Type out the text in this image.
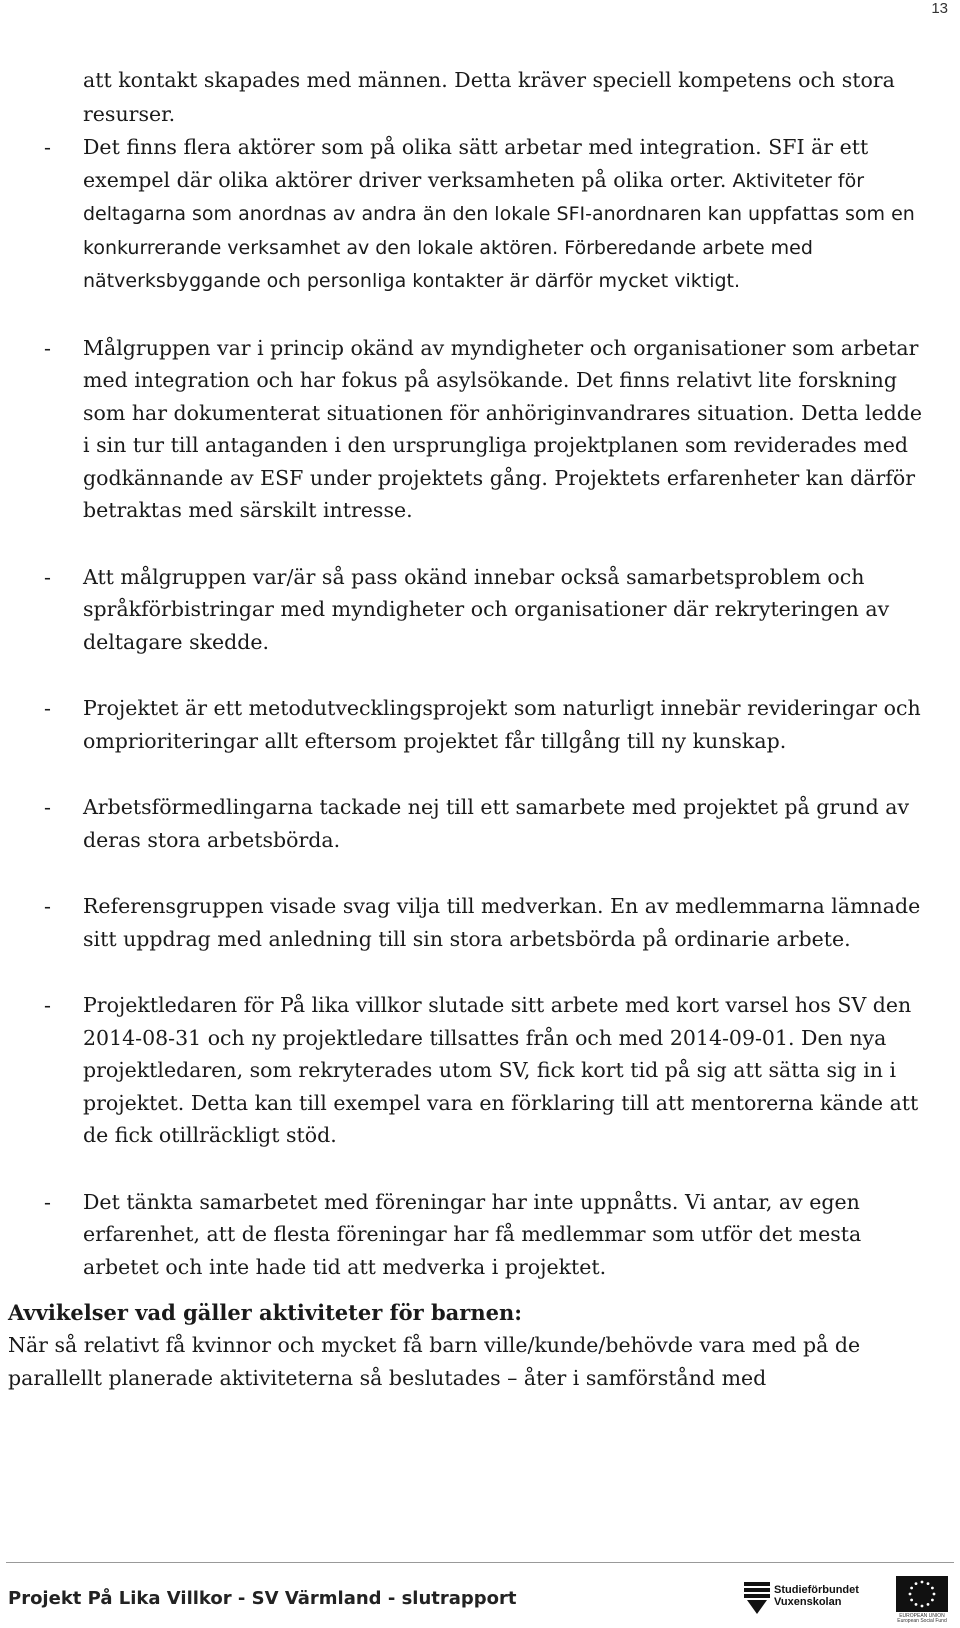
13
att kontakt skapades med männen. Detta kräver speciell kompetens och stora resurser.
- Det finns flera aktörer som på olika sätt arbetar med integration. SFI är ett exempel där olika aktörer driver verksamheten på olika orter. Aktiviteter för deltagarna som anordnas av andra än den lokale SFI-anordnaren kan uppfattas som en konkurrerande verksamhet av den lokale aktören. Förberedande arbete med nätverksbyggande och personliga kontakter är därför mycket viktigt.
- Målgruppen var i princip okänd av myndigheter och organisationer som arbetar med integration och har fokus på asylsökande. Det finns relativt lite forskning som har dokumenterat situationen för anhöriginvandrares situation. Detta ledde i sin tur till antaganden i den ursprungliga projektplanen som reviderades med godkännande av ESF under projektets gång. Projektets erfarenheter kan därför betraktas med särskilt intresse.
- Att målgruppen var/är så pass okänd innebar också samarbetsproblem och språkförbistringar med myndigheter och organisationer där rekryteringen av deltagare skedde.
- Projektet är ett metodutvecklingsprojekt som naturligt innebär revideringar och omprioriteringar allt eftersom projektet får tillgång till ny kunskap.
- Arbetsförmedlingarna tackade nej till ett samarbete med projektet på grund av deras stora arbetsbörda.
- Referensgruppen visade svag vilja till medverkan. En av medlemmarna lämnade sitt uppdrag med anledning till sin stora arbetsbörda på ordinarie arbete.
- Projektledaren för På lika villkor slutade sitt arbete med kort varsel hos SV den 2014-08-31 och ny projektledare tillsattes från och med 2014-09-01. Den nya projektledaren, som rekryterades utom SV, fick kort tid på sig att sätta sig in i projektet. Detta kan till exempel vara en förklaring till att mentorerna kände att de fick otillräckligt stöd.
- Det tänkta samarbetet med föreningar har inte uppnåtts. Vi antar, av egen erfarenhet, att de flesta föreningar har få medlemmar som utför det mesta arbetet och inte hade tid att medverka i projektet.
Avvikelser vad gäller aktiviteter för barnen:
När så relativt få kvinnor och mycket få barn ville/kunde/behövde vara med på de parallellt planerade aktiviteterna så beslutades – åter i samförstånd med
Projekt På Lika Villkor - SV Värmland - slutrapport	Studieförbundet
Vuxenskolan
EUROPEAN UNION
European Social Fund
